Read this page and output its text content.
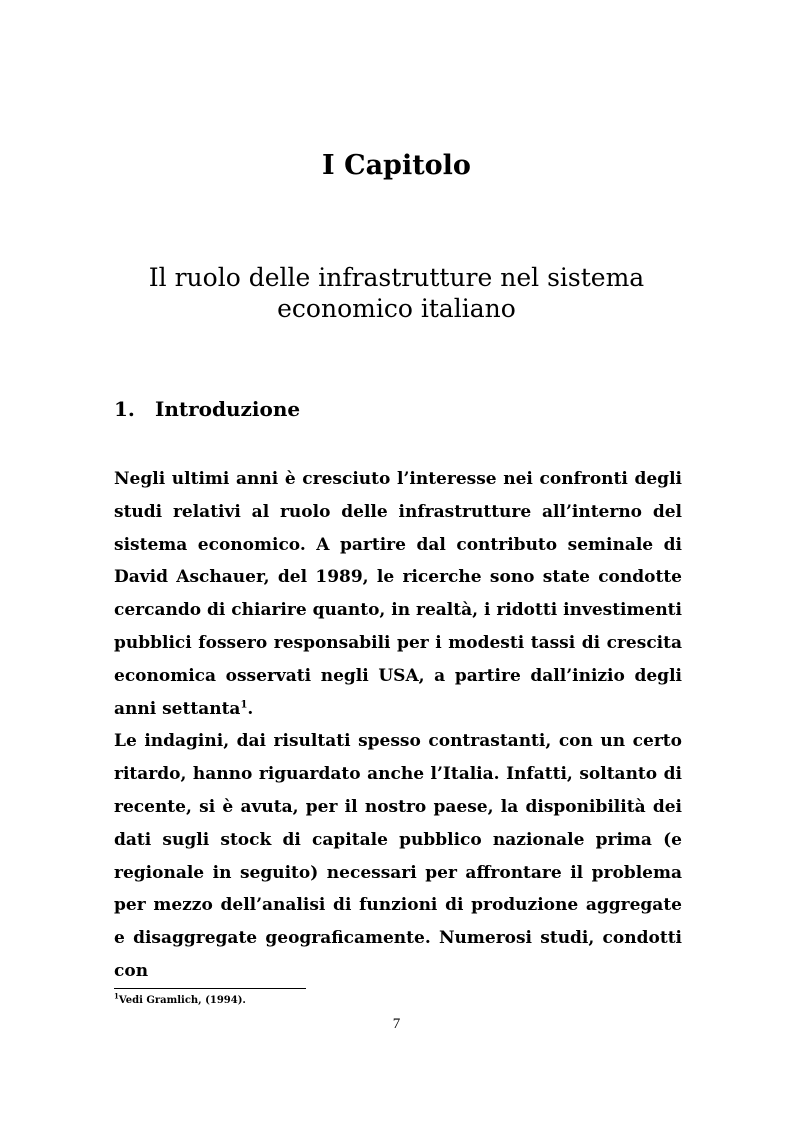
I Capitolo
Il ruolo delle infrastrutture nel sistema economico italiano
1. Introduzione

Negli ultimi anni è cresciuto l’interesse nei confronti degli studi relativi al ruolo delle infrastrutture all’interno del sistema economico. A partire dal contributo seminale di David Aschauer, del 1989, le ricerche sono state condotte cercando di chiarire quanto, in realtà, i ridotti investimenti pubblici fossero responsabili per i modesti tassi di crescita economica osservati negli USA, a partire dall’inizio degli anni settanta$^1$.

Le indagini, dai risultati spesso contrastanti, con un certo ritardo, hanno riguardato anche l’Italia. Infatti, soltanto di recente, si è avuta, per il nostro paese, la disponibilità dei dati sugli stock di capitale pubblico nazionale prima (e regionale in seguito) necessari per affrontare il problema per mezzo dell’analisi di funzioni di produzione aggregate e disaggregate geograficamente. Numerosi studi, condotti con

$^1$Vedi Gramlich, (1994).
7
